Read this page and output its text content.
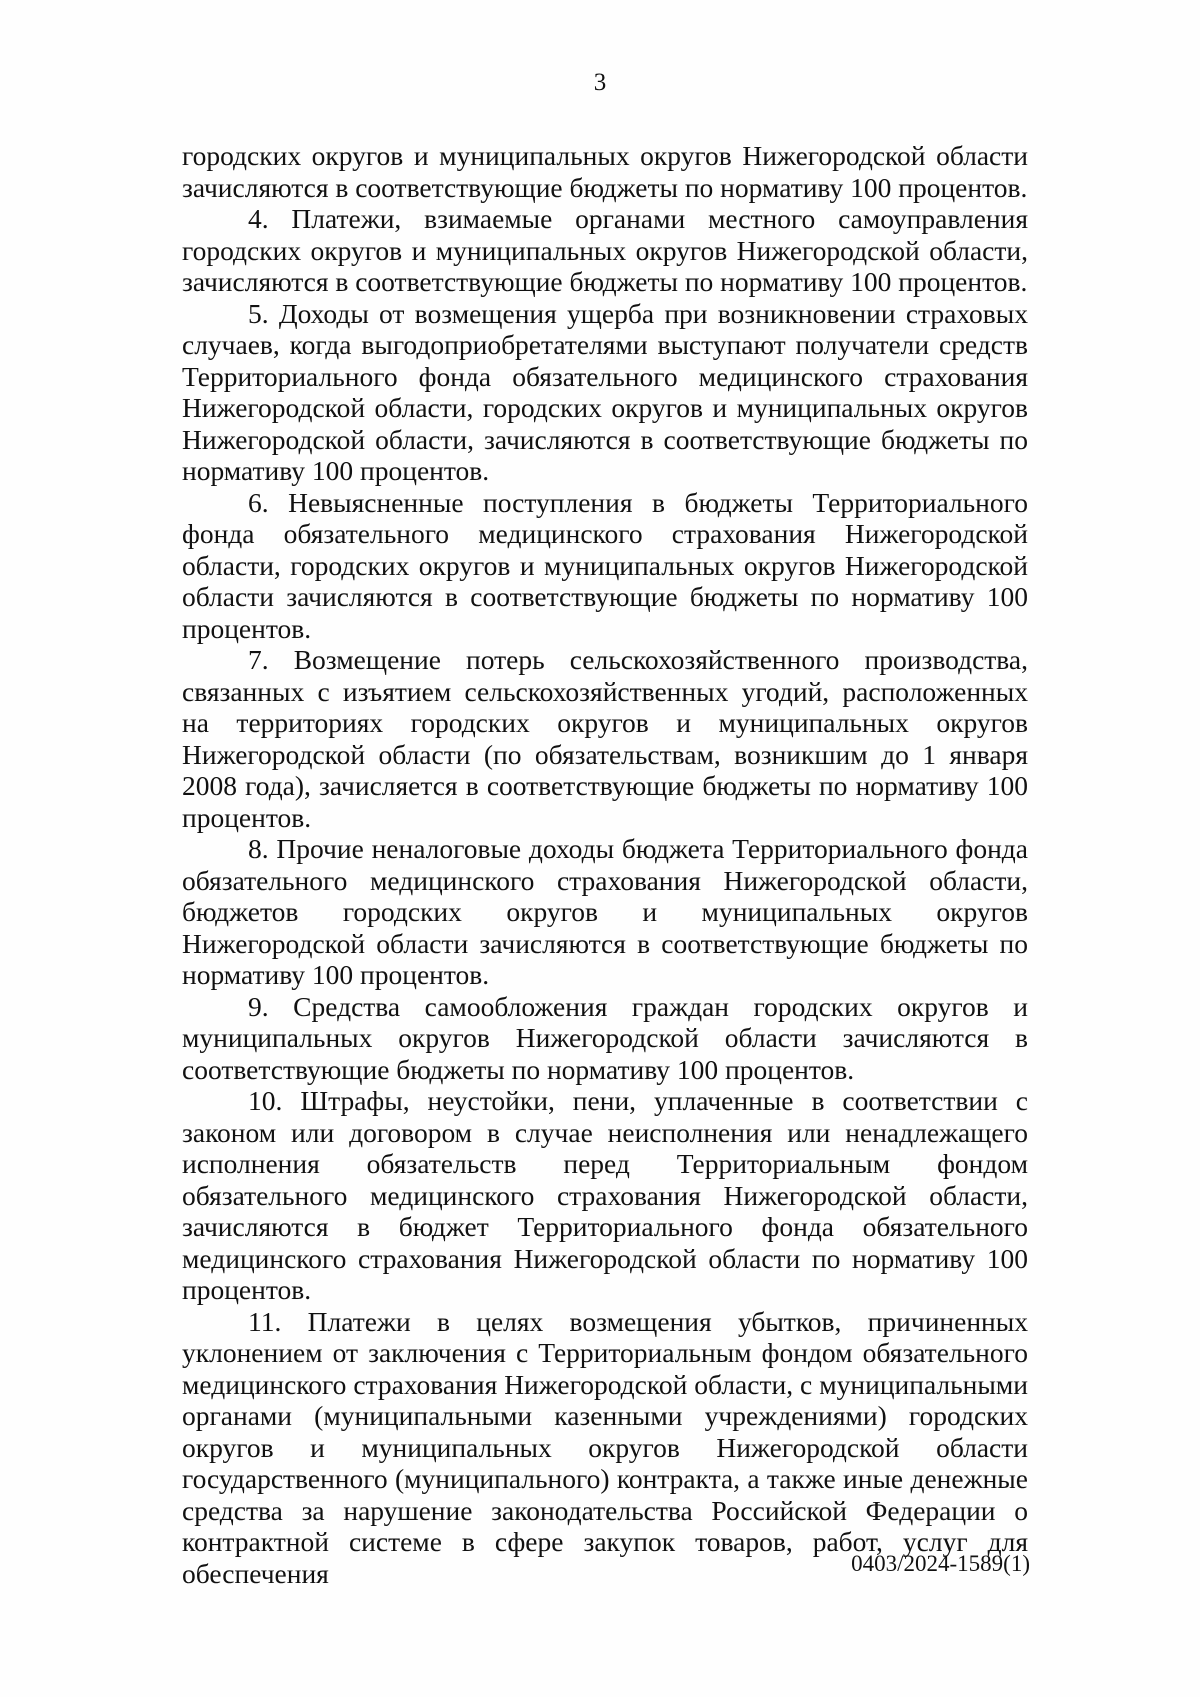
3

городских округов и муниципальных округов Нижегородской области зачисляются в соответствующие бюджеты по нормативу 100 процентов.

4. Платежи, взимаемые органами местного самоуправления городских округов и муниципальных округов Нижегородской области, зачисляются в соответствующие бюджеты по нормативу 100 процентов.

5. Доходы от возмещения ущерба при возникновении страховых случаев, когда выгодоприобретателями выступают получатели средств Территориального фонда обязательного медицинского страхования Нижегородской области, городских округов и муниципальных округов Нижегородской области, зачисляются в соответствующие бюджеты по нормативу 100 процентов.

6. Невыясненные поступления в бюджеты Территориального фонда обязательного медицинского страхования Нижегородской области, городских округов и муниципальных округов Нижегородской области зачисляются в соответствующие бюджеты по нормативу 100 процентов.

7. Возмещение потерь сельскохозяйственного производства, связанных с изъятием сельскохозяйственных угодий, расположенных на территориях городских округов и муниципальных округов Нижегородской области (по обязательствам, возникшим до 1 января 2008 года), зачисляется в соответствующие бюджеты по нормативу 100 процентов.

8. Прочие неналоговые доходы бюджета Территориального фонда обязательного медицинского страхования Нижегородской области, бюджетов городских округов и муниципальных округов Нижегородской области зачисляются в соответствующие бюджеты по нормативу 100 процентов.

9. Средства самообложения граждан городских округов и муниципальных округов Нижегородской области зачисляются в соответствующие бюджеты по нормативу 100 процентов.

10. Штрафы, неустойки, пени, уплаченные в соответствии с законом или договором в случае неисполнения или ненадлежащего исполнения обязательств перед Территориальным фондом обязательного медицинского страхования Нижегородской области, зачисляются в бюджет Территориального фонда обязательного медицинского страхования Нижегородской области по нормативу 100 процентов.

11. Платежи в целях возмещения убытков, причиненных уклонением от заключения с Территориальным фондом обязательного медицинского страхования Нижегородской области, с муниципальными органами (муниципальными казенными учреждениями) городских округов и муниципальных округов Нижегородской области государственного (муниципального) контракта, а также иные денежные средства за нарушение законодательства Российской Федерации о контрактной системе в сфере закупок товаров, работ, услуг для обеспечения	0403/2024-1589(1)
